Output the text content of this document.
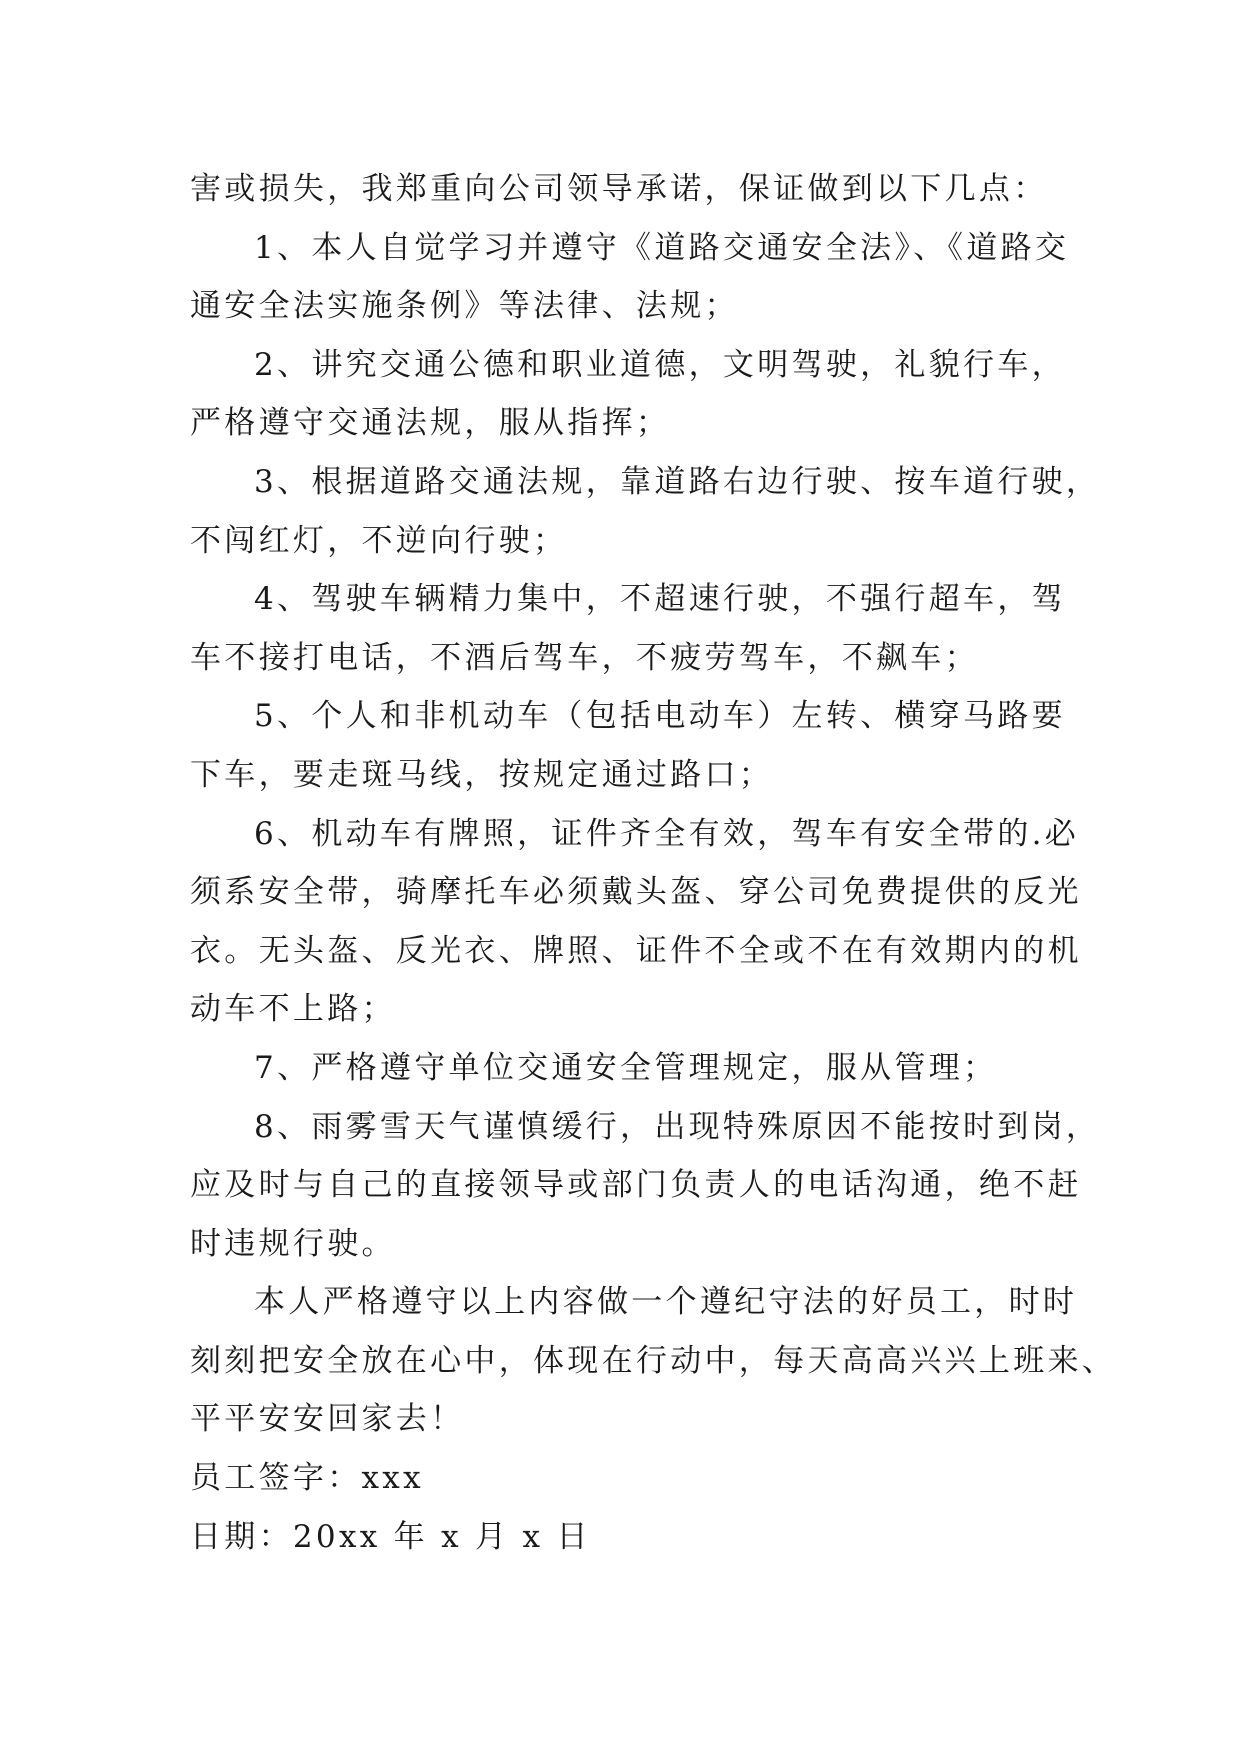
害或损失，我郑重向公司领导承诺，保证做到以下几点：
1、本人自觉学习并遵守《道路交通安全法》、《道路交
通安全法实施条例》等法律、法规；
2、讲究交通公德和职业道德，文明驾驶，礼貌行车，
严格遵守交通法规，服从指挥；
3、根据道路交通法规，靠道路右边行驶、按车道行驶，
不闯红灯，不逆向行驶；
4、驾驶车辆精力集中，不超速行驶，不强行超车，驾
车不接打电话，不酒后驾车，不疲劳驾车，不飙车；
5、个人和非机动车（包括电动车）左转、横穿马路要
下车，要走斑马线，按规定通过路口；
6、机动车有牌照，证件齐全有效，驾车有安全带的.必
须系安全带，骑摩托车必须戴头盔、穿公司免费提供的反光
衣。无头盔、反光衣、牌照、证件不全或不在有效期内的机
动车不上路；
7、严格遵守单位交通安全管理规定，服从管理；
8、雨雾雪天气谨慎缓行，出现特殊原因不能按时到岗，
应及时与自己的直接领导或部门负责人的电话沟通，绝不赶
时违规行驶。
本人严格遵守以上内容做一个遵纪守法的好员工，时时
刻刻把安全放在心中，体现在行动中，每天高高兴兴上班来、
平平安安回家去！
员工签字：xxx
日期：20xx 年 x 月 x 日
